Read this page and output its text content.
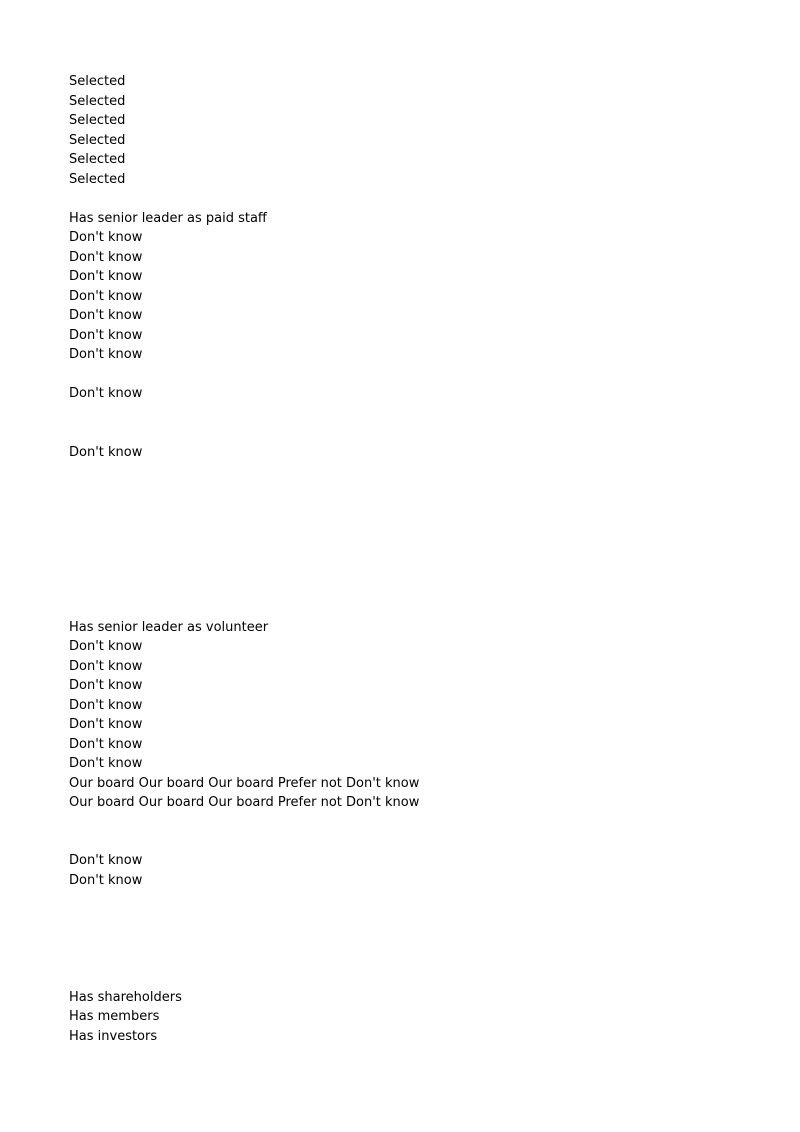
Selected
Selected
Selected
Selected
Selected
Selected
Has senior leader as paid staff
Don't know
Don't know
Don't know
Don't know
Don't know
Don't know
Don't know
Don't know
Don't know
Has senior leader as volunteer
Don't know
Don't know
Don't know
Don't know
Don't know
Don't know
Don't know
Our board Our board Our board Prefer not Don't know
Our board Our board Our board Prefer not Don't know
Don't know
Don't know
Has shareholders
Has members
Has investors
